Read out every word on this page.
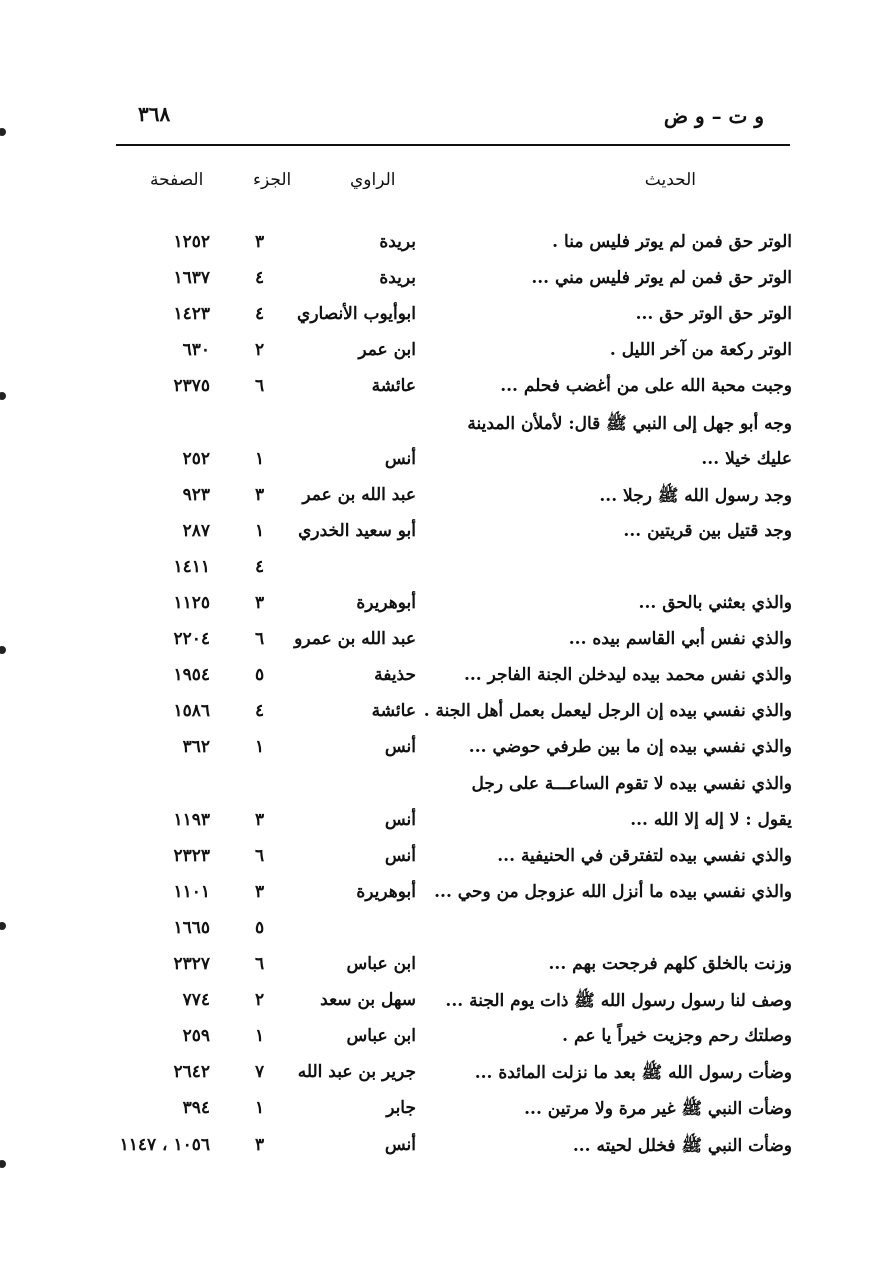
و ت – و ض
٣٦٨
الحديث
الراوي
الجزء
الصفحة
الوتر حق فمن لم يوتر فليس منا .
بريدة
٣
١٢٥٢
الوتر حق فمن لم يوتر فليس مني ...
بريدة
٤
١٦٣٧
الوتر حق الوتر حق ...
ابوأيوب الأنصاري
٤
١٤٢٣
الوتر ركعة من آخر الليل .
ابن عمر
٢
٦٣٠
وجبت محبة الله على من أغضب فحلم ...
عائشة
٦
٢٣٧٥
وجه أبو جهل إلى النبي ﷺ قال: لأملأن المدينة
عليك خيلا ...
أنس
١
٢٥٢
وجد رسول الله ﷺ رجلا ...
عبد الله بن عمر
٣
٩٢٣
وجد قتيل بين قريتين ...
أبو سعيد الخدري
١
٢٨٧
٤
١٤١١
والذي بعثني بالحق ...
أبوهريرة
٣
١١٢٥
والذي نفس أبي القاسم بيده ...
عبد الله بن عمرو
٦
٢٢٠٤
والذي نفس محمد بيده ليدخلن الجنة الفاجر ...
حذيفة
٥
١٩٥٤
والذي نفسي بيده إن الرجل ليعمل بعمل أهل الجنة .
عائشة
٤
١٥٨٦
والذي نفسي بيده إن ما بين طرفي حوضي ...
أنس
١
٣٦٢
والذي نفسي بيده لا تقوم الساعـــة على رجل
يقول : لا إله إلا الله ...
أنس
٣
١١٩٣
والذي نفسي بيده لتفترقن في الحنيفية ...
أنس
٦
٢٣٢٣
والذي نفسي بيده ما أنزل الله عزوجل من وحي ...
أبوهريرة
٣
١١٠١
٥
١٦٦٥
وزنت بالخلق كلهم فرجحت بهم ...
ابن عباس
٦
٢٣٢٧
وصف لنا رسول رسول الله ﷺ ذات يوم الجنة ...
سهل بن سعد
٢
٧٧٤
وصلتك رحم وجزيت خيراً يا عم .
ابن عباس
١
٢٥٩
وضأت رسول الله ﷺ بعد ما نزلت المائدة ...
جرير بن عبد الله
٧
٢٦٤٢
وضأت النبي ﷺ غير مرة ولا مرتين ...
جابر
١
٣٩٤
وضأت النبي ﷺ فخلل لحيته ...
أنس
٣
١٠٥٦ ، ١١٤٧
